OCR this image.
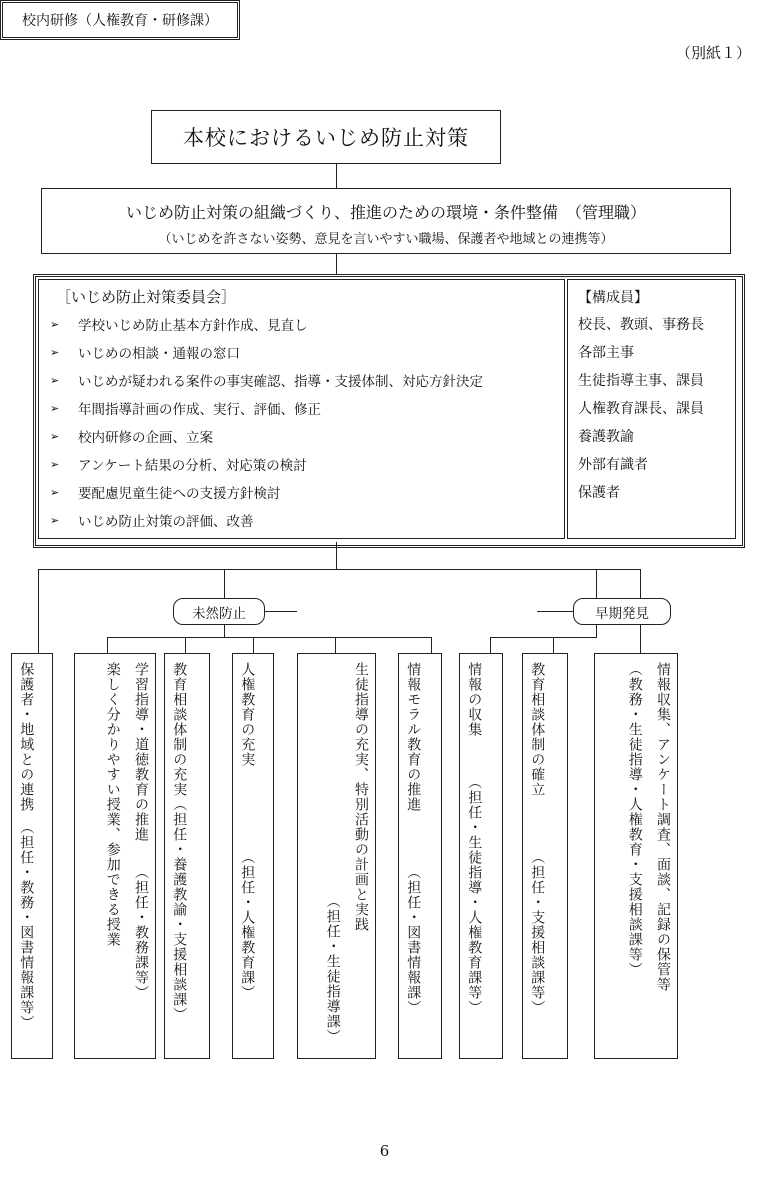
（別紙１）
本校におけるいじめ防止対策
いじめ防止対策の組織づくり、推進のための環境・条件整備　（管理職）
（いじめを許さない姿勢、意見を言いやすい職場、保護者や地域との連携等）
［いじめ防止対策委員会］
➢	学校いじめ防止基本方針作成、見直し
➢	いじめの相談・通報の窓口
➢	いじめが疑われる案件の事実確認、指導・支援体制、対応方針決定
➢	年間指導計画の作成、実行、評価、修正
➢	校内研修の企画、立案
➢	アンケート結果の分析、対応策の検討
➢	要配慮児童生徒への支援方針検討
➢	いじめ防止対策の評価、改善
【構成員】
校長、教頭、事務長
各部主事
生徒指導主事、課員
人権教育課長、課員
養護教諭
外部有識者
保護者
未然防止	早期発見
校内研修（人権教育・研修課）
保護者・地域との連携　（担任・教務・図書情報課等）	学習指導・道徳教育の推進　　（担任・教務課等）
楽しく分かりやすい授業、参加できる授業	教育相談体制の充実（担任・養護教諭・支援相談課）	人権教育の充実　　　　　　（担任・人権教育課）	生徒指導の充実、特別活動の計画と実践
（担任・生徒指導課）	情報モラル教育の推進　　　　（担任・図書情報課）	情報の収集　　　（担任・生徒指導・人権教育課等）	教育相談体制の確立　　　　（担任・支援相談課等）	情報収集、アンケート調査、面談、記録の保管等
（教務・生徒指導・人権教育・支援相談課等）
6
